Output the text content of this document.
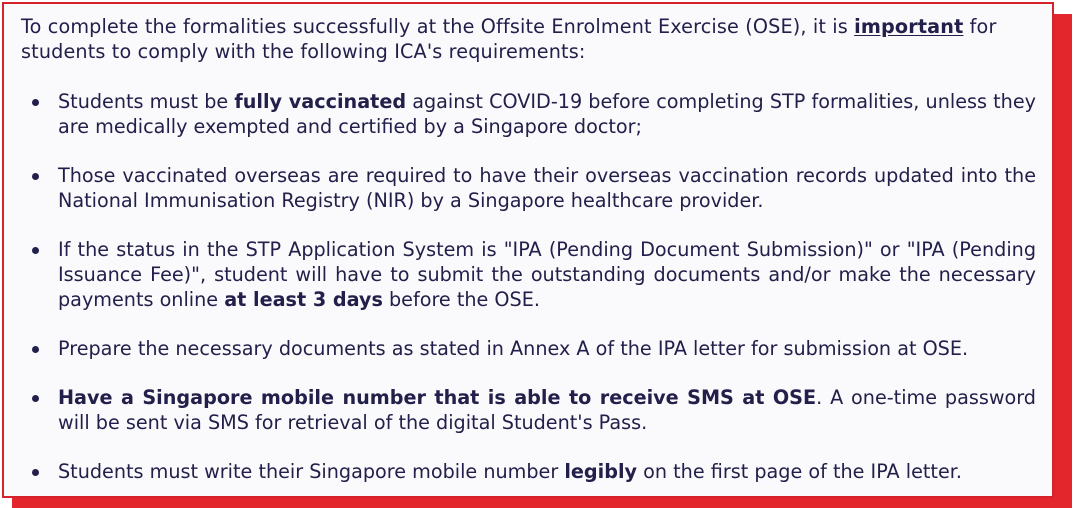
To complete the formalities successfully at the Offsite Enrolment Exercise (OSE), it is important for students to comply with the following ICA's requirements:

Students must be fully vaccinated against COVID-19 before completing STP formalities, unless they are medically exempted and certified by a Singapore doctor;
Those vaccinated overseas are required to have their overseas vaccination records updated into the National Immunisation Registry (NIR) by a Singapore healthcare provider.
If the status in the STP Application System is "IPA (Pending Document Submission)" or "IPA (Pending Issuance Fee)", student will have to submit the outstanding documents and/or make the necessary payments online at least 3 days before the OSE.
Prepare the necessary documents as stated in Annex A of the IPA letter for submission at OSE.
Have a Singapore mobile number that is able to receive SMS at OSE. A one-time password will be sent via SMS for retrieval of the digital Student's Pass.
Students must write their Singapore mobile number legibly on the first page of the IPA letter.
